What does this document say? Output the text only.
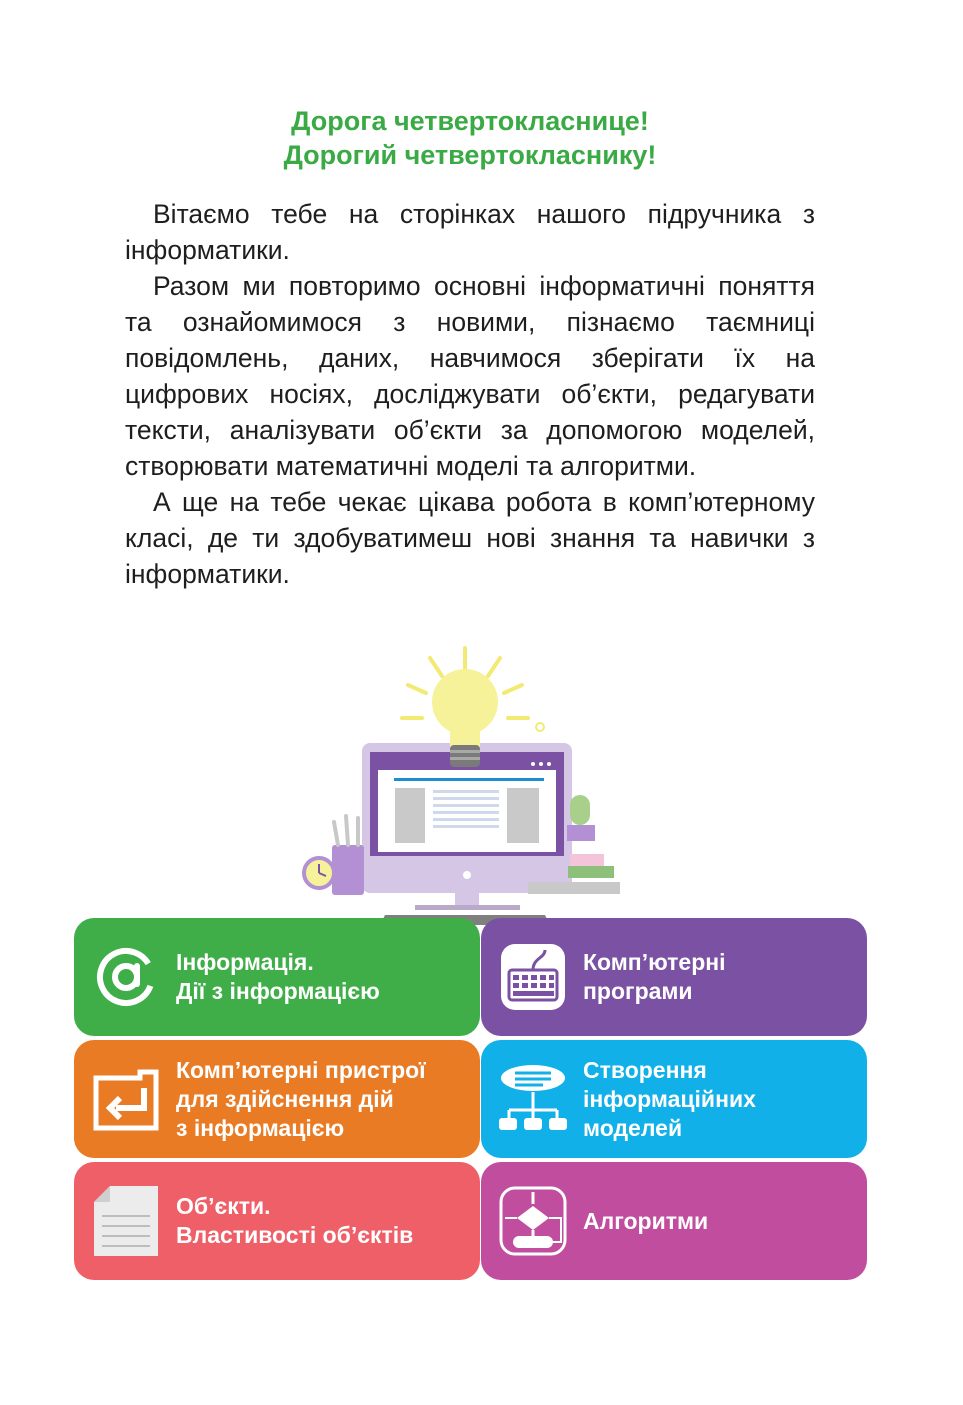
Дорога четвертокласнице!
Дорогий четвертокласнику!

Вітаємо тебе на сторінках нашого підручника з інформатики.

Разом ми повторимо основні інформатичні поняття та ознайомимося з новими, пізнаємо таємниці повідомлень, даних, навчимося зберігати їх на цифрових носіях, досліджувати об’єкти, редагувати тексти, аналізувати об’єкти за допомогою моделей, створювати математичні моделі та алгоритми.

А ще на тебе чекає цікава робота в комп’ютерному класі, де ти здобуватимеш нові знання та навички з інформатики.

Інформація.
Дії з інформацією
Комп’ютерні
програми
Комп’ютерні пристрої
для здійснення дій
з інформацією
Створення
інформаційних
моделей
Об’єкти.
Властивості об’єктів
Алгоритми
